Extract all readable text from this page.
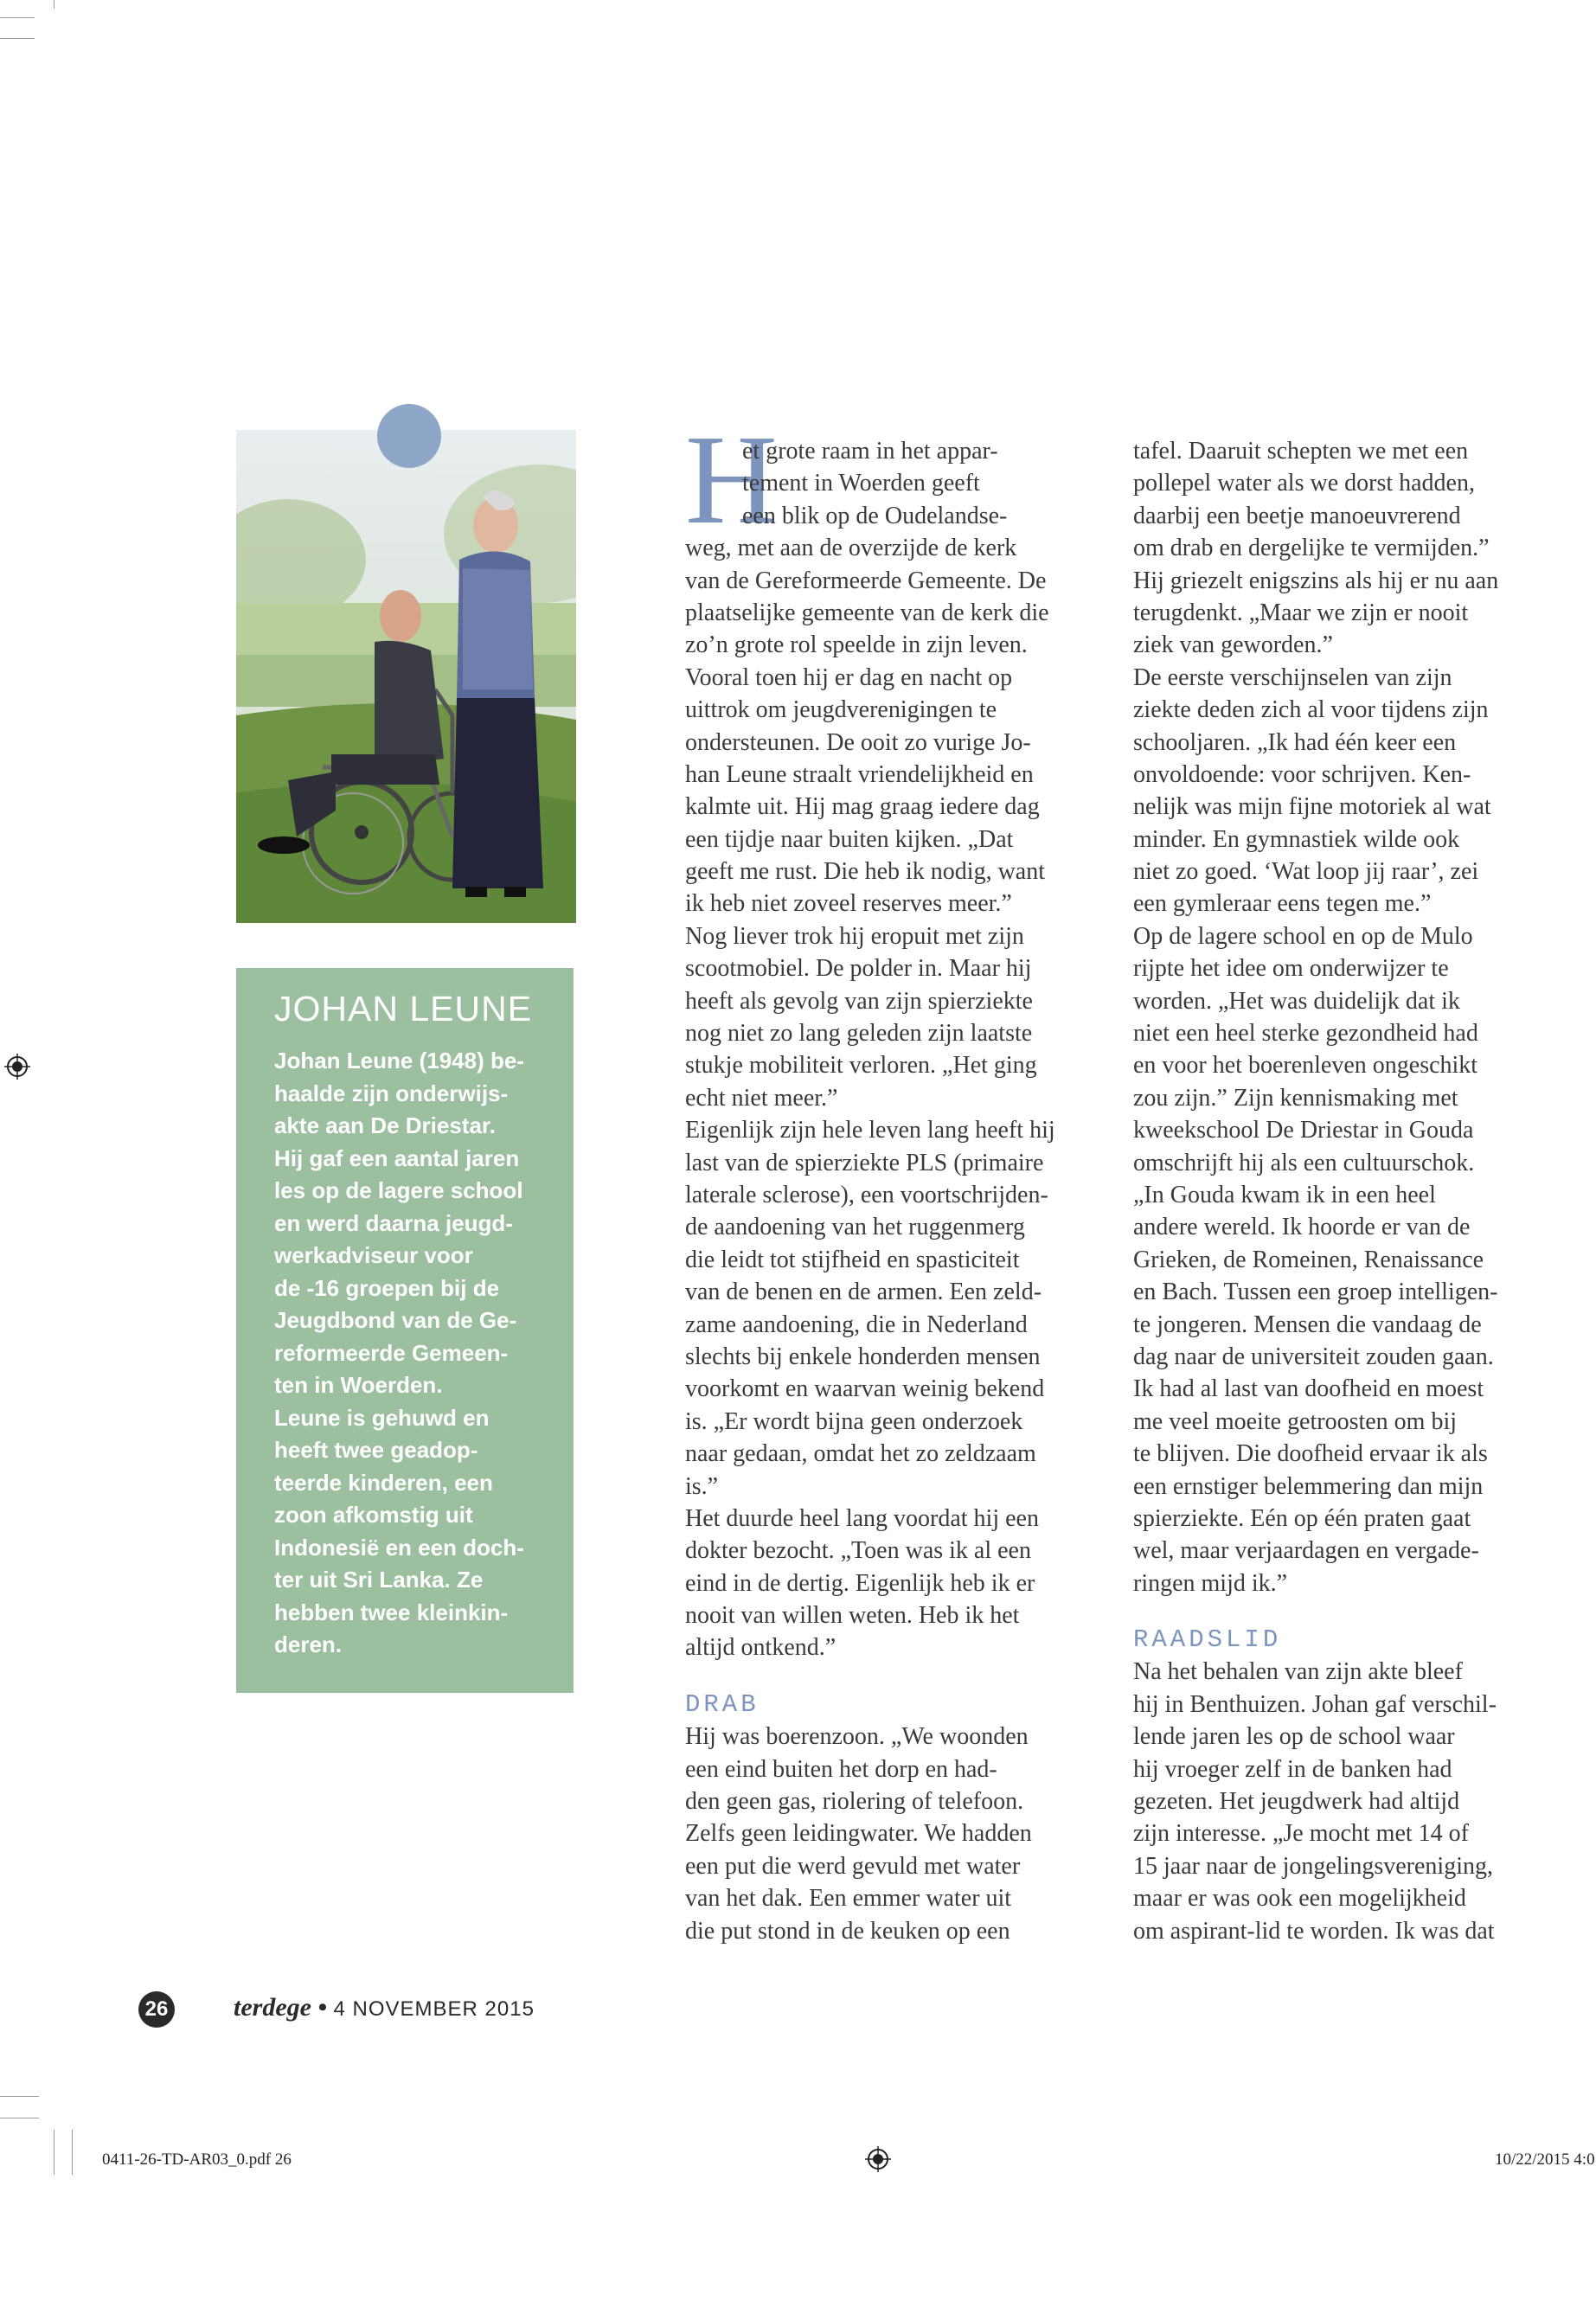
JOHAN LEUNE
Johan Leune (1948) be-
haalde zijn onderwijs-
akte aan De Driestar.
Hij gaf een aantal jaren
les op de lagere school
en werd daarna jeugd-
werkadviseur voor
de -16 groepen bij de
Jeugdbond van de Ge-
reformeerde Gemeen-
ten in Woerden.
Leune is gehuwd en
heeft twee geadop-
teerde kinderen, een
zoon afkomstig uit
Indonesië en een doch-
ter uit Sri Lanka. Ze
hebben twee kleinkin-
deren.
H
et grote raam in het appar-
tement in Woerden geeft
een blik op de Oudelandse-
weg, met aan de overzijde de kerk
van de Gereformeerde Gemeente. De
plaatselijke gemeente van de kerk die
zo’n grote rol speelde in zijn leven.
Vooral toen hij er dag en nacht op
uittrok om jeugdverenigingen te
ondersteunen. De ooit zo vurige Jo-
han Leune straalt vriendelijkheid en
kalmte uit. Hij mag graag iedere dag
een tijdje naar buiten kijken. „Dat
geeft me rust. Die heb ik nodig, want
ik heb niet zoveel reserves meer.”
Nog liever trok hij eropuit met zijn
scootmobiel. De polder in. Maar hij
heeft als gevolg van zijn spierziekte
nog niet zo lang geleden zijn laatste
stukje mobiliteit verloren. „Het ging
echt niet meer.”
Eigenlijk zijn hele leven lang heeft hij
last van de spierziekte PLS (primaire
laterale sclerose), een voortschrijden-
de aandoening van het ruggenmerg
die leidt tot stijfheid en spasticiteit
van de benen en de armen. Een zeld-
zame aandoening, die in Nederland
slechts bij enkele honderden mensen
voorkomt en waarvan weinig bekend
is. „Er wordt bijna geen onderzoek
naar gedaan, omdat het zo zeldzaam
is.”
Het duurde heel lang voordat hij een
dokter bezocht. „Toen was ik al een
eind in de dertig. Eigenlijk heb ik er
nooit van willen weten. Heb ik het
altijd ontkend.”
DRAB
Hij was boerenzoon. „We woonden
een eind buiten het dorp en had-
den geen gas, riolering of telefoon.
Zelfs geen leidingwater. We hadden
een put die werd gevuld met water
van het dak. Een emmer water uit
die put stond in de keuken op een
tafel. Daaruit schepten we met een
pollepel water als we dorst hadden,
daarbij een beetje manoeuvrerend
om drab en dergelijke te vermijden.”
Hij griezelt enigszins als hij er nu aan
terugdenkt. „Maar we zijn er nooit
ziek van geworden.”
De eerste verschijnselen van zijn
ziekte deden zich al voor tijdens zijn
schooljaren. „Ik had één keer een
onvoldoende: voor schrijven. Ken-
nelijk was mijn fijne motoriek al wat
minder. En gymnastiek wilde ook
niet zo goed. ‘Wat loop jij raar’, zei
een gymleraar eens tegen me.”
Op de lagere school en op de Mulo
rijpte het idee om onderwijzer te
worden. „Het was duidelijk dat ik
niet een heel sterke gezondheid had
en voor het boerenleven ongeschikt
zou zijn.” Zijn kennismaking met
kweekschool De Driestar in Gouda
omschrijft hij als een cultuurschok.
„In Gouda kwam ik in een heel
andere wereld. Ik hoorde er van de
Grieken, de Romeinen, Renaissance
en Bach. Tussen een groep intelligen-
te jongeren. Mensen die vandaag de
dag naar de universiteit zouden gaan.
Ik had al last van doofheid en moest
me veel moeite getroosten om bij
te blijven. Die doofheid ervaar ik als
een ernstiger belemmering dan mijn
spierziekte. Eén op één praten gaat
wel, maar verjaardagen en vergade-
ringen mijd ik.”
RAADSLID
Na het behalen van zijn akte bleef
hij in Benthuizen. Johan gaf verschil-
lende jaren les op de school waar
hij vroeger zelf in de banken had
gezeten. Het jeugdwerk had altijd
zijn interesse. „Je mocht met 14 of
15 jaar naar de jongelingsvereniging,
maar er was ook een mogelijkheid
om aspirant-lid te worden. Ik was dat
26	terdege • 4 NOVEMBER 2015
0411-26-TD-AR03_0.pdf 26	10/22/2015 4:0
